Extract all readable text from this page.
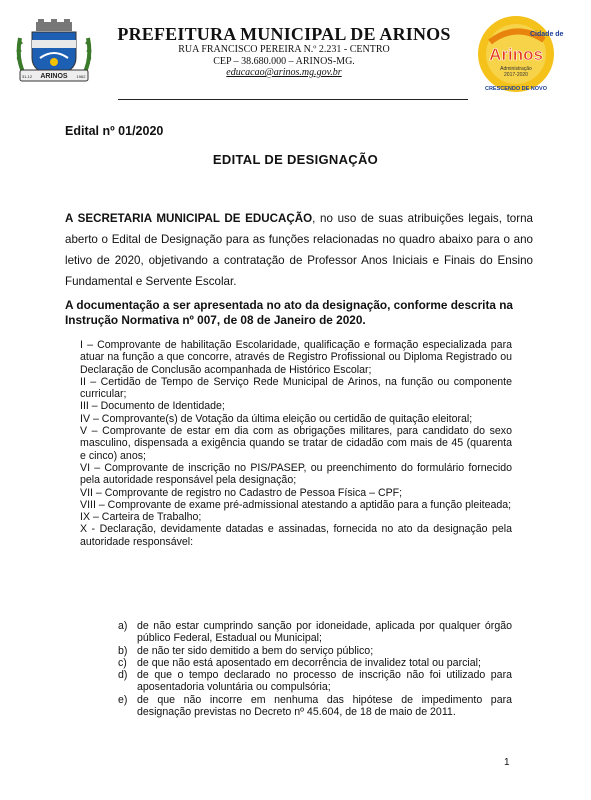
ARINOS
31-12	1962
PREFEITURA MUNICIPAL DE ARINOS
RUA FRANCISCO PEREIRA N.º 2.231 - CENTRO
CEP – 38.680.000 – ARINOS-MG.
educacao@arinos.mg.gov.br
Cidade de
Arinos
Administração
2017-2020
CRESCENDO DE NOVO
Edital nº 01/2020
EDITAL DE DESIGNAÇÃO
A SECRETARIA MUNICIPAL DE EDUCAÇÃO, no uso de suas atribuições legais, torna aberto o Edital de Designação para as funções relacionadas no quadro abaixo para o ano letivo de 2020, objetivando a contratação de Professor Anos Iniciais e Finais do Ensino Fundamental e Servente Escolar.
A documentação a ser apresentada no ato da designação, conforme descrita na Instrução Normativa nº 007, de 08 de Janeiro de 2020.

I – Comprovante de habilitação Escolaridade, qualificação e formação especializada para atuar na função a que concorre, através de Registro Profissional ou Diploma Registrado ou Declaração de Conclusão acompanhada de Histórico Escolar;

II – Certidão de Tempo de Serviço Rede Municipal de Arinos, na função ou componente curricular;

III – Documento de Identidade;

IV – Comprovante(s) de Votação da última eleição ou certidão de quitação eleitoral;

V – Comprovante de estar em dia com as obrigações militares, para candidato do sexo masculino, dispensada a exigência quando se tratar de cidadão com mais de 45 (quarenta e cinco) anos;

VI – Comprovante de inscrição no PIS/PASEP, ou preenchimento do formulário fornecido pela autoridade responsável pela designação;

VII – Comprovante de registro no Cadastro de Pessoa Física – CPF;

VIII – Comprovante de exame pré-admissional atestando a aptidão para a função pleiteada;

IX – Carteira de Trabalho;

X - Declaração, devidamente datadas e assinadas, fornecida no ato da designação pela autoridade responsável:

a) de não estar cumprindo sanção por idoneidade, aplicada por qualquer órgão público Federal, Estadual ou Municipal;
b) de não ter sido demitido a bem do serviço público;
c) de que não está aposentado em decorrência de invalidez total ou parcial;
d) de que o tempo declarado no processo de inscrição não foi utilizado para aposentadoria voluntária ou compulsória;
e) de que não incorre em nenhuma das hipótese de impedimento para designação previstas no Decreto nº 45.604, de 18 de maio de 2011.
1
